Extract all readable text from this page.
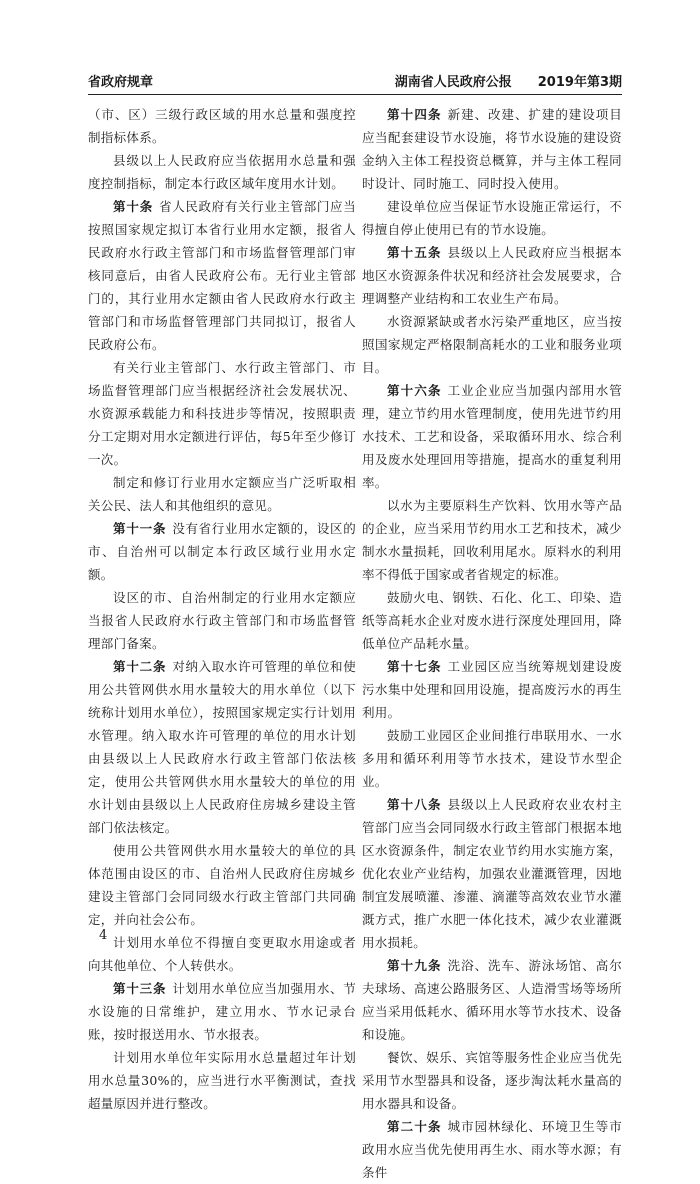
省政府规章	湖南省人民政府公报 2019年第3期

（市、区）三级行政区域的用水总量和强度控制指标体系。

县级以上人民政府应当依据用水总量和强度控制指标，制定本行政区域年度用水计划。

第十条 省人民政府有关行业主管部门应当按照国家规定拟订本省行业用水定额，报省人民政府水行政主管部门和市场监督管理部门审核同意后，由省人民政府公布。无行业主管部门的，其行业用水定额由省人民政府水行政主管部门和市场监督管理部门共同拟订，报省人民政府公布。

有关行业主管部门、水行政主管部门、市场监督管理部门应当根据经济社会发展状况、水资源承载能力和科技进步等情况，按照职责分工定期对用水定额进行评估，每5年至少修订一次。

制定和修订行业用水定额应当广泛听取相关公民、法人和其他组织的意见。

第十一条 没有省行业用水定额的，设区的市、自治州可以制定本行政区域行业用水定额。

设区的市、自治州制定的行业用水定额应当报省人民政府水行政主管部门和市场监督管理部门备案。

第十二条 对纳入取水许可管理的单位和使用公共管网供水用水量较大的用水单位（以下统称计划用水单位），按照国家规定实行计划用水管理。纳入取水许可管理的单位的用水计划由县级以上人民政府水行政主管部门依法核定，使用公共管网供水用水量较大的单位的用水计划由县级以上人民政府住房城乡建设主管部门依法核定。

使用公共管网供水用水量较大的单位的具体范围由设区的市、自治州人民政府住房城乡建设主管部门会同同级水行政主管部门共同确定，并向社会公布。

计划用水单位不得擅自变更取水用途或者向其他单位、个人转供水。

第十三条 计划用水单位应当加强用水、节水设施的日常维护，建立用水、节水记录台账，按时报送用水、节水报表。

计划用水单位年实际用水总量超过年计划用水总量30%的，应当进行水平衡测试，查找超量原因并进行整改。

第十四条 新建、改建、扩建的建设项目应当配套建设节水设施，将节水设施的建设资金纳入主体工程投资总概算，并与主体工程同时设计、同时施工、同时投入使用。

建设单位应当保证节水设施正常运行，不得擅自停止使用已有的节水设施。

第十五条 县级以上人民政府应当根据本地区水资源条件状况和经济社会发展要求，合理调整产业结构和工农业生产布局。

水资源紧缺或者水污染严重地区，应当按照国家规定严格限制高耗水的工业和服务业项目。

第十六条 工业企业应当加强内部用水管理，建立节约用水管理制度，使用先进节约用水技术、工艺和设备，采取循环用水、综合利用及废水处理回用等措施，提高水的重复利用率。

以水为主要原料生产饮料、饮用水等产品的企业，应当采用节约用水工艺和技术，减少制水水量损耗，回收利用尾水。原料水的利用率不得低于国家或者省规定的标准。

鼓励火电、钢铁、石化、化工、印染、造纸等高耗水企业对废水进行深度处理回用，降低单位产品耗水量。

第十七条 工业园区应当统筹规划建设废污水集中处理和回用设施，提高废污水的再生利用。

鼓励工业园区企业间推行串联用水、一水多用和循环利用等节水技术，建设节水型企业。

第十八条 县级以上人民政府农业农村主管部门应当会同同级水行政主管部门根据本地区水资源条件，制定农业节约用水实施方案，优化农业产业结构，加强农业灌溉管理，因地制宜发展喷灌、渗灌、滴灌等高效农业节水灌溉方式，推广水肥一体化技术，减少农业灌溉用水损耗。

第十九条 洗浴、洗车、游泳场馆、高尔夫球场、高速公路服务区、人造滑雪场等场所应当采用低耗水、循环用水等节水技术、设备和设施。

餐饮、娱乐、宾馆等服务性企业应当优先采用节水型器具和设备，逐步淘汰耗水量高的用水器具和设备。

第二十条 城市园林绿化、环境卫生等市政用水应当优先使用再生水、雨水等水源；有条件

4
